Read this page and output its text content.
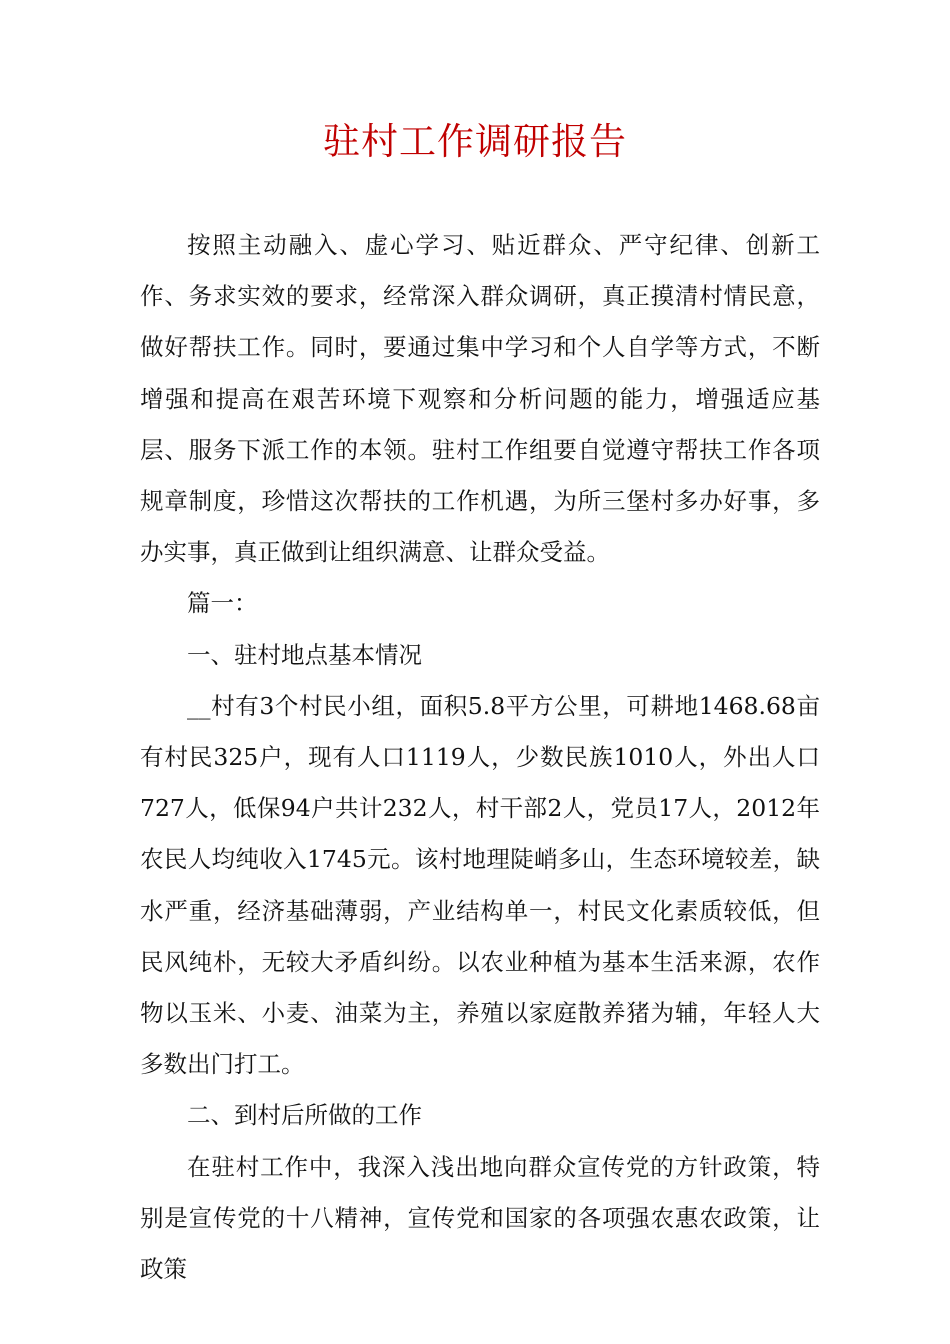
驻村工作调研报告

按照主动融入、虚心学习、贴近群众、严守纪律、创新工作、务求实效的要求，经常深入群众调研，真正摸清村情民意，做好帮扶工作。同时，要通过集中学习和个人自学等方式，不断增强和提高在艰苦环境下观察和分析问题的能力，增强适应基层、服务下派工作的本领。驻村工作组要自觉遵守帮扶工作各项规章制度，珍惜这次帮扶的工作机遇，为所三堡村多办好事，多办实事，真正做到让组织满意、让群众受益。

篇一：

一、驻村地点基本情况

__村有3个村民小组，面积5.8平方公里，可耕地1468.68亩有村民325户，现有人口1119人，少数民族1010人，外出人口727人，低保94户共计232人，村干部2人，党员17人，2012年农民人均纯收入1745元。该村地理陡峭多山，生态环境较差，缺水严重，经济基础薄弱，产业结构单一，村民文化素质较低，但民风纯朴，无较大矛盾纠纷。以农业种植为基本生活来源，农作物以玉米、小麦、油菜为主，养殖以家庭散养猪为辅，年轻人大多数出门打工。

二、到村后所做的工作

在驻村工作中，我深入浅出地向群众宣传党的方针政策，特别是宣传党的十八精神，宣传党和国家的各项强农惠农政策，让政策
